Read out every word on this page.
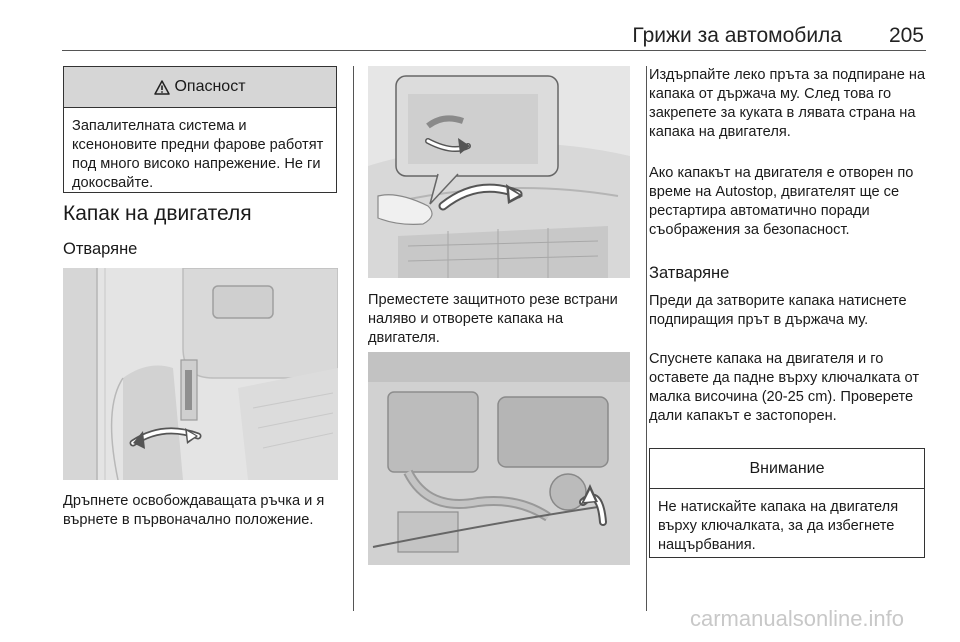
Грижи за автомобила 205
Опасност
Запалителната система и ксеноновите предни фарове работят под много високо напрежение. Не ги докосвайте.
Капак на двигателя
Отваряне

Дръпнете освобождаващата ръчка и я върнете в първоначално положение.

Преместете защитното резе встрани наляво и отворете капака на двигателя.

Издърпайте леко пръта за подпиране на капака от държача му. След това го закрепете за куката в лявата страна на капака на двигателя.

Ако капакът на двигателя е отворен по време на Autostop, двигателят ще се рестартира автоматично поради съображения за безопасност.

Затваряне

Преди да затворите капака натиснете подпиращия прът в държача му.

Спуснете капака на двигателя и го оставете да падне върху ключалката от малка височина (20-25 cm). Проверете дали капакът е застопорен.

Внимание
Не натискайте капака на двигателя върху ключалката, за да избегнете нащърбвания.
carmanualsonline.info
